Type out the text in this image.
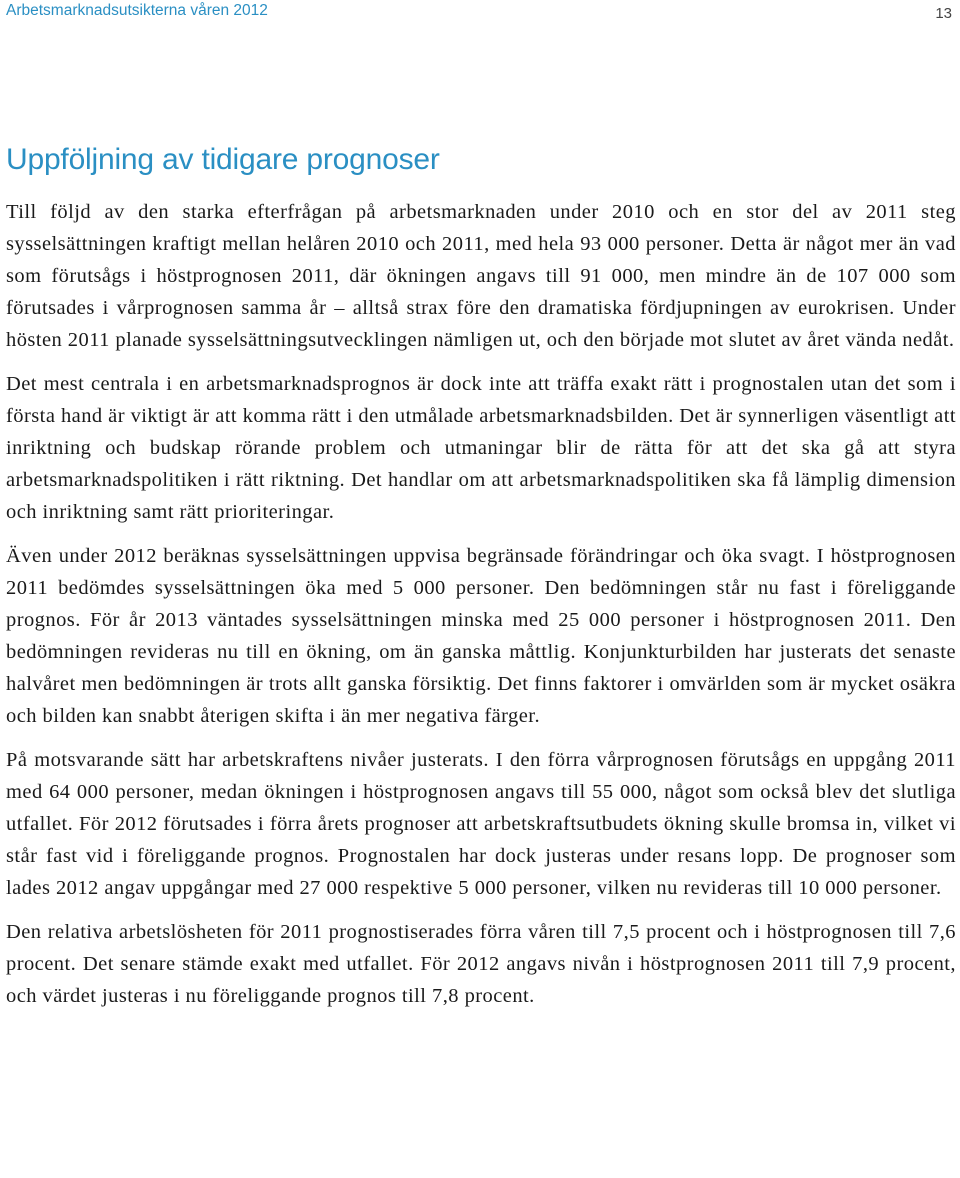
Arbetsmarknadsutsikterna våren 2012	13
Uppföljning av tidigare prognoser

Till följd av den starka efterfrågan på arbetsmarknaden under 2010 och en stor del av 2011 steg sysselsättningen kraftigt mellan helåren 2010 och 2011, med hela 93 000 personer. Detta är något mer än vad som förutsågs i höstprognosen 2011, där ökningen angavs till 91 000, men mindre än de 107 000 som förutsades i vårprognosen samma år – alltså strax före den dramatiska fördjupningen av eurokrisen. Under hösten 2011 planade sysselsättningsutvecklingen nämligen ut, och den började mot slutet av året vända nedåt.

Det mest centrala i en arbetsmarknadsprognos är dock inte att träffa exakt rätt i prognostalen utan det som i första hand är viktigt är att komma rätt i den utmålade arbetsmarknadsbilden. Det är synnerligen väsentligt att inriktning och budskap rörande problem och utmaningar blir de rätta för att det ska gå att styra arbetsmarknadspolitiken i rätt riktning. Det handlar om att arbetsmarknadspolitiken ska få lämplig dimension och inriktning samt rätt prioriteringar.

Även under 2012 beräknas sysselsättningen uppvisa begränsade förändringar och öka svagt. I höstprognosen 2011 bedömdes sysselsättningen öka med 5 000 personer. Den bedömningen står nu fast i föreliggande prognos. För år 2013 väntades sysselsättningen minska med 25 000 personer i höstprognosen 2011. Den bedömningen revideras nu till en ökning, om än ganska måttlig. Konjunkturbilden har justerats det senaste halvåret men bedömningen är trots allt ganska försiktig. Det finns faktorer i omvärlden som är mycket osäkra och bilden kan snabbt återigen skifta i än mer negativa färger.

På motsvarande sätt har arbetskraftens nivåer justerats. I den förra vårprognosen förutsågs en uppgång 2011 med 64 000 personer, medan ökningen i höstprognosen angavs till 55 000, något som också blev det slutliga utfallet. För 2012 förutsades i förra årets prognoser att arbetskraftsutbudets ökning skulle bromsa in, vilket vi står fast vid i föreliggande prognos. Prognostalen har dock justeras under resans lopp. De prognoser som lades 2012 angav uppgångar med 27 000 respektive 5 000 personer, vilken nu revideras till 10 000 personer.

Den relativa arbetslösheten för 2011 prognostiserades förra våren till 7,5 procent och i höstprognosen till 7,6 procent. Det senare stämde exakt med utfallet. För 2012 angavs nivån i höstprognosen 2011 till 7,9 procent, och värdet justeras i nu föreliggande prognos till 7,8 procent.
